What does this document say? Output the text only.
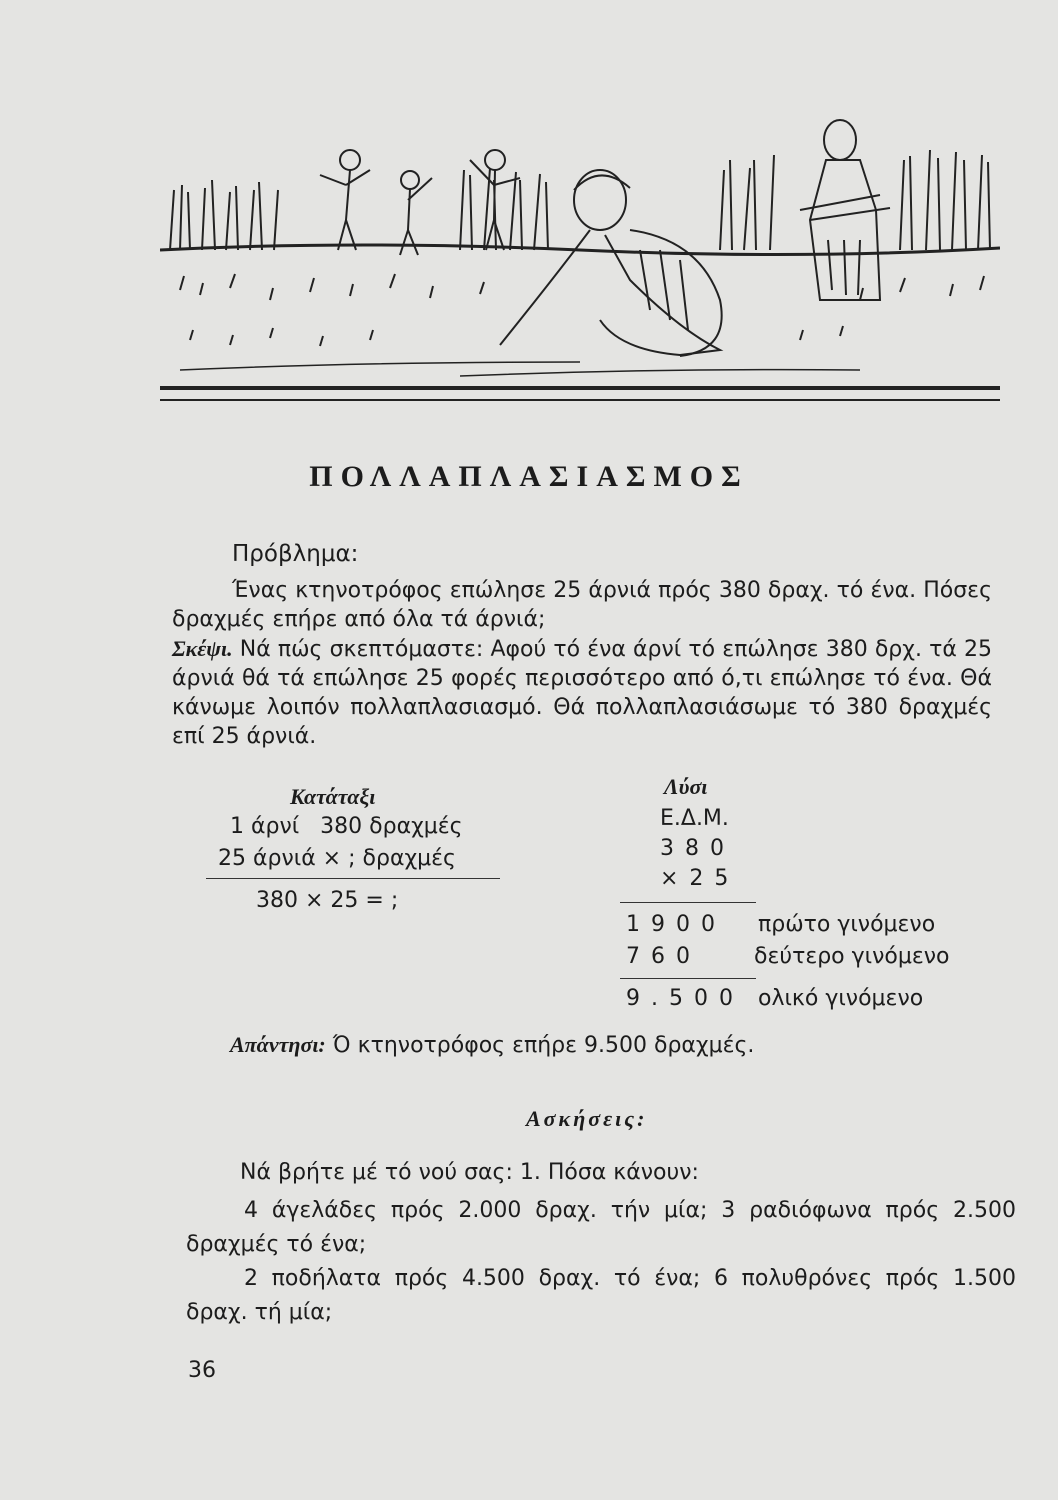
ΠΟΛΛΑΠΛΑΣΙΑΣΜΟΣ
Πρόβλημα:
Ένας κτηνοτρόφος επώλησε 25 άρνιά πρός 380 δραχ. τό ένα. Πόσες δραχμές επήρε από όλα τά άρνιά;
Σκέψι. Νά πώς σκεπτόμαστε: Αφού τό ένα άρνί τό επώλησε 380 δρχ. τά 25 άρνιά θά τά επώλησε 25 φορές περισσότερο από ό,τι επώλησε τό ένα. Θά κάνωμε λοιπόν πολλαπλασιασμό. Θά πολλαπλασιάσωμε τό 380 δραχμές επί 25 άρνιά.
Κατάταξι
1 άρνί   380 δραχμές
25 άρνιά × ; δραχμές
380 × 25 = ;
Λύσι
Ε.Δ.Μ.
380
×25
1900 πρώτο γινόμενο
760 δεύτερο γινόμενο
9.500 ολικό γινόμενο
Απάντησι: Ό κτηνοτρόφος επήρε 9.500 δραχμές.
Ασκήσεις:
Νά βρήτε μέ τό νού σας: 1. Πόσα κάνουν:
4 άγελάδες πρός 2.000 δραχ. τήν μία; 3 ραδιόφωνα πρός 2.500 δραχμές τό ένα;
2 ποδήλατα πρός 4.500 δραχ. τό ένα; 6 πολυθρόνες πρός 1.500 δραχ. τή μία;
36
